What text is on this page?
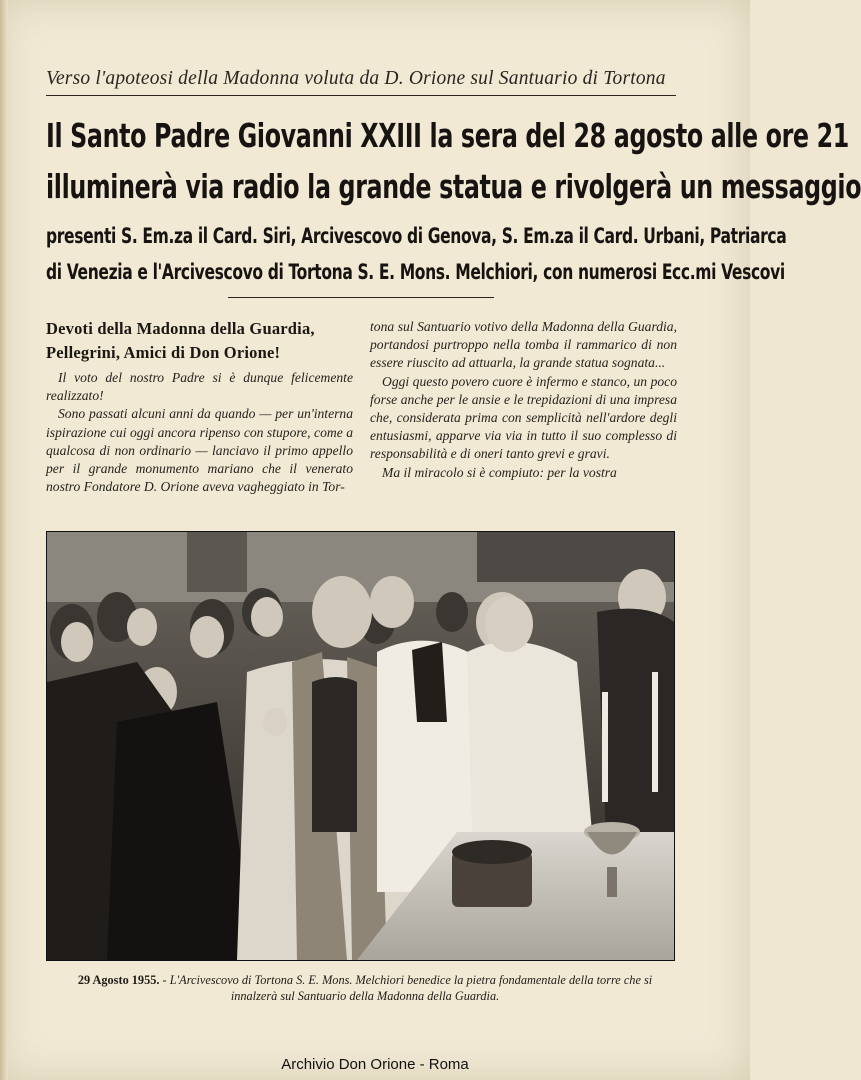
Verso l'apoteosi della Madonna voluta da D. Orione sul Santuario di Tortona
Il Santo Padre Giovanni XXIII la sera del 28 agosto alle ore 21
illuminerà via radio la grande statua e rivolgerà un messaggio
presenti S. Em.za il Card. Siri, Arcivescovo di Genova, S. Em.za il Card. Urbani, Patriarca
di Venezia e l'Arcivescovo di Tortona S. E. Mons. Melchiori, con numerosi Ecc.mi Vescovi
Devoti della Madonna della Guardia,
Pellegrini, Amici di Don Orione!

Il voto del nostro Padre si è dunque felicemente realizzato!

Sono passati alcuni anni da quando — per un'interna ispirazione cui oggi ancora ripenso con stupore, come a qualcosa di non ordinario — lanciavo il primo appello per il grande monumento mariano che il venerato nostro Fondatore D. Orione aveva vagheggiato in Tor-

tona sul Santuario votivo della Madonna della Guardia, portandosi purtroppo nella tomba il rammarico di non essere riuscito ad attuarla, la grande statua sognata...

Oggi questo povero cuore è infermo e stanco, un poco forse anche per le ansie e le trepidazioni di una impresa che, considerata prima con semplicità nell'ardore degli entusiasmi, apparve via via in tutto il suo complesso di responsabilità e di oneri tanto grevi e gravi.

Ma il miracolo si è compiuto: per la vostra

29 Agosto 1955. - L'Arcivescovo di Tortona S. E. Mons. Melchiori benedice la pietra fondamentale della torre che si innalzerà sul Santuario della Madonna della Guardia.
Archivio Don Orione - Roma
